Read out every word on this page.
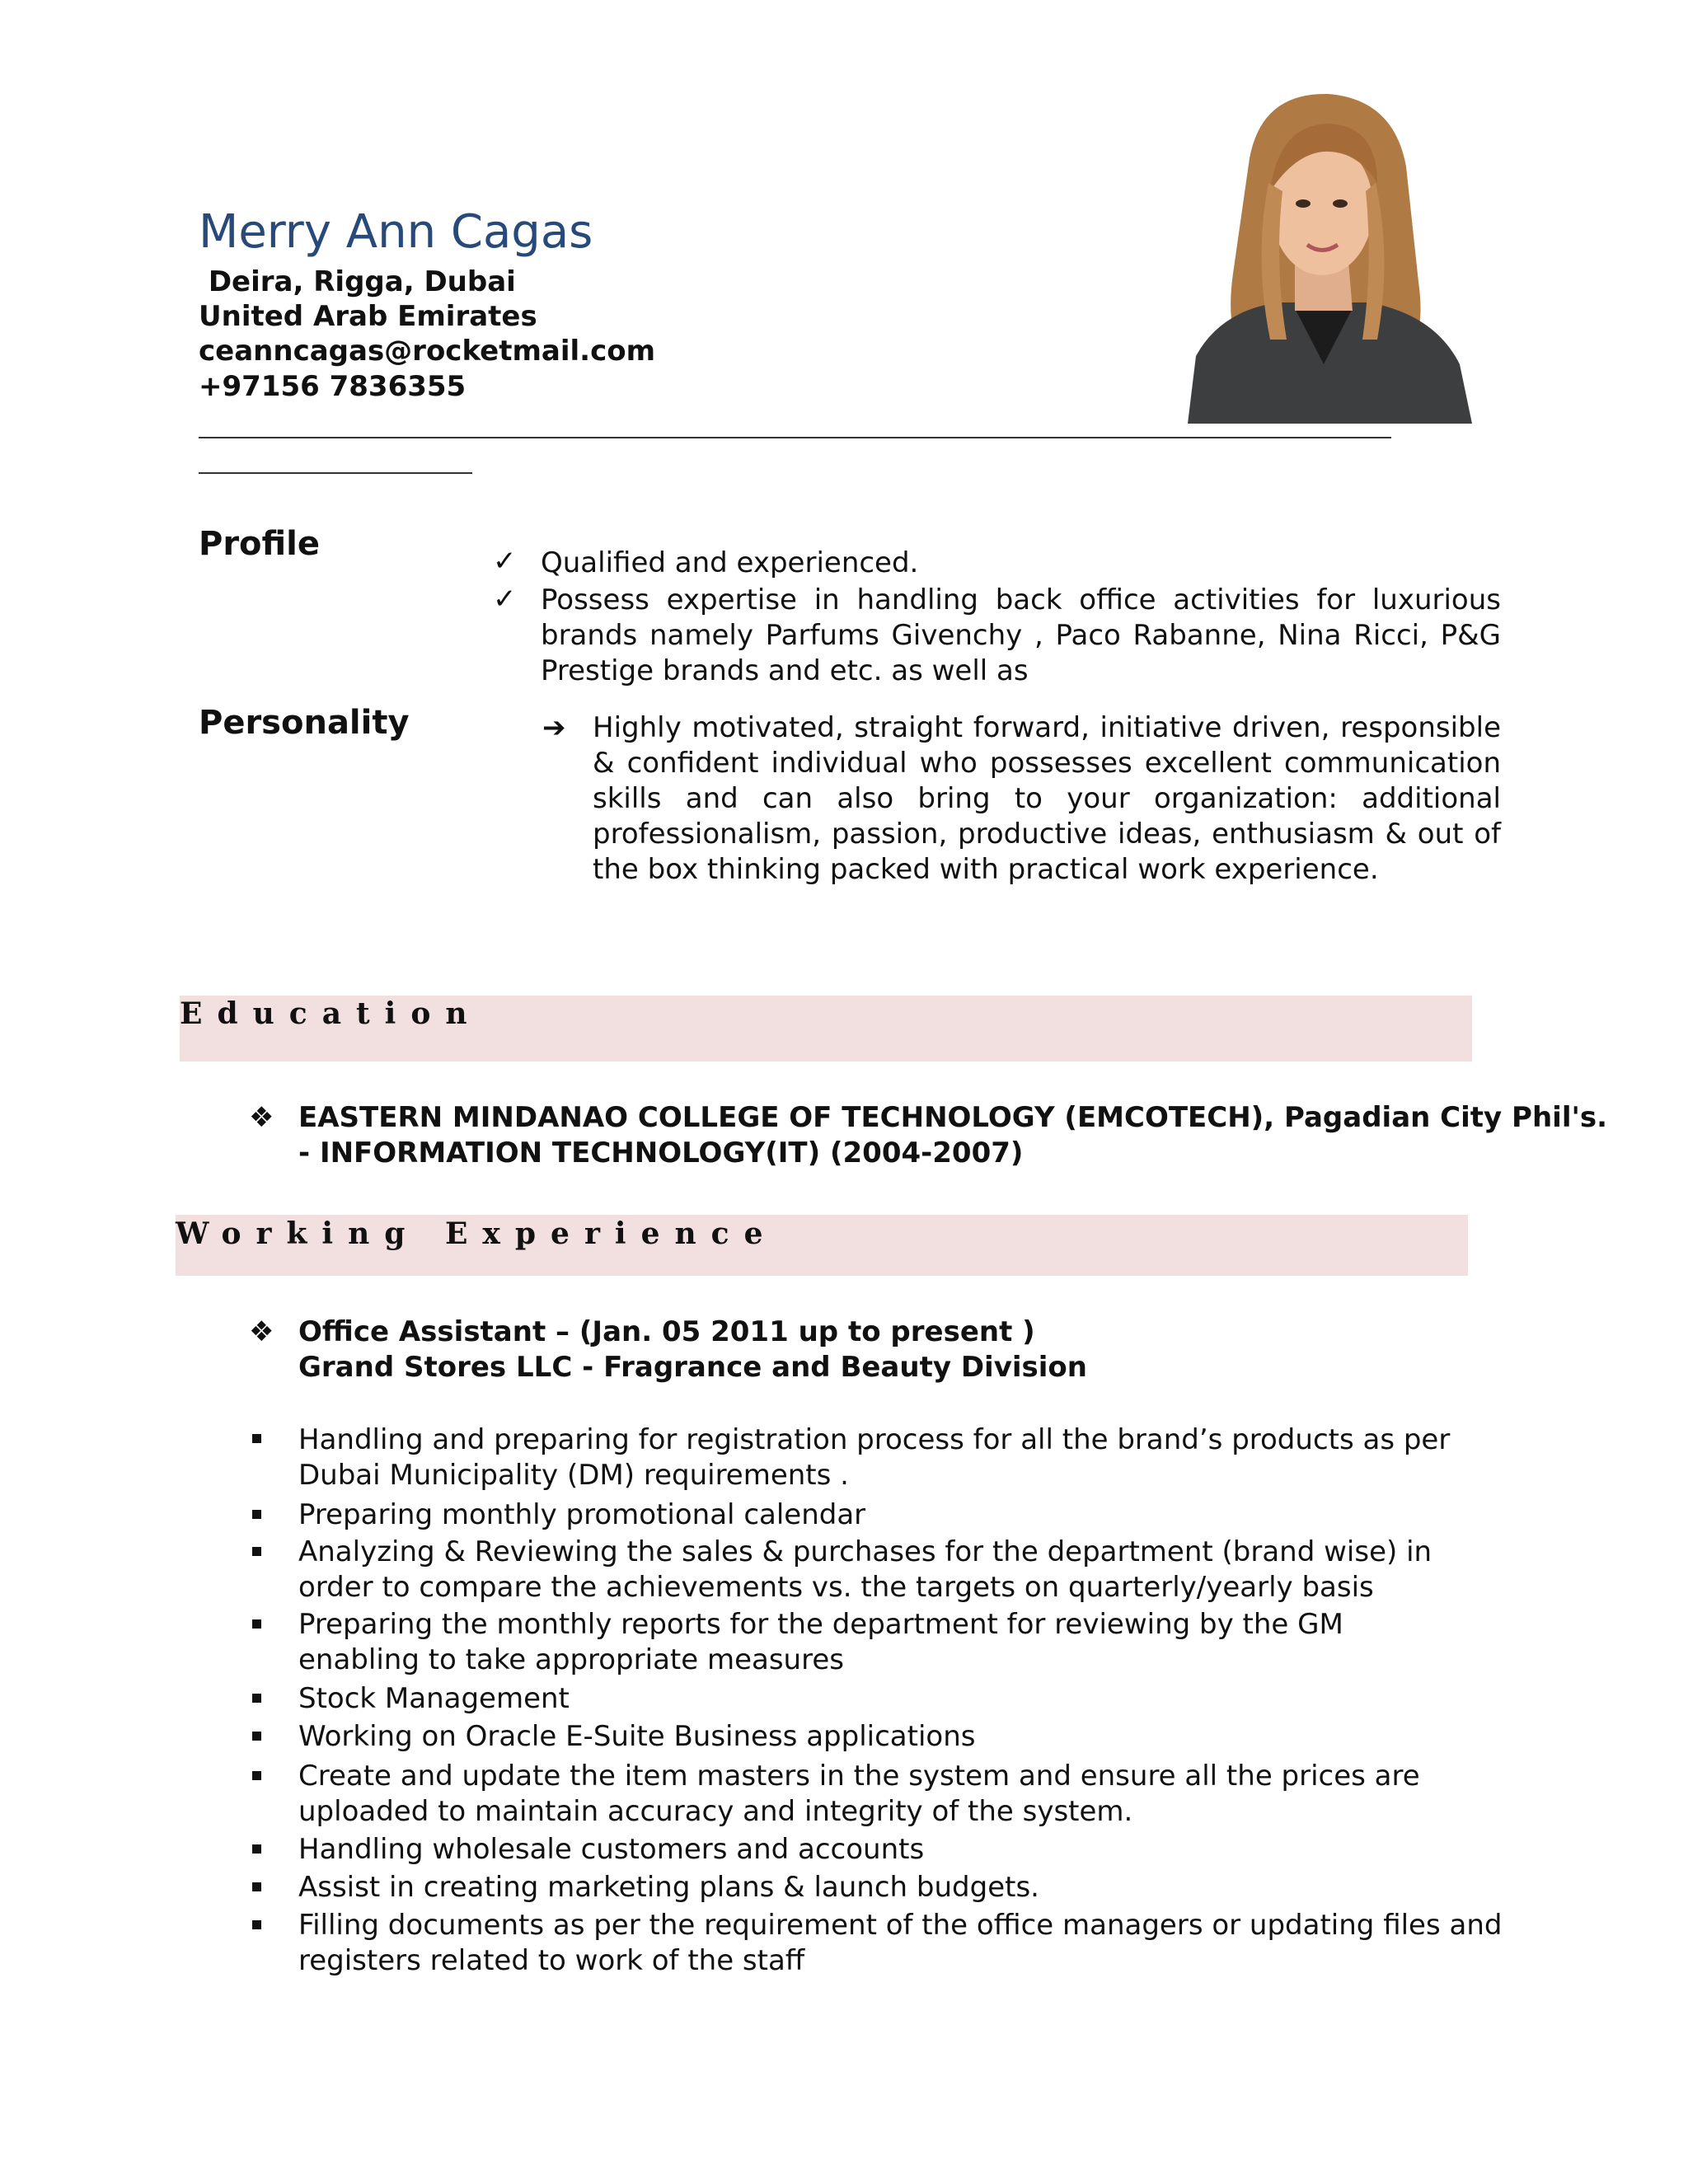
Merry Ann Cagas
Deira, Rigga, Dubai
United Arab Emirates
ceanncagas@rocketmail.com
+97156 7836355
Profile	✓ Qualified and experienced.
✓ Possess expertise in handling back office activities for luxurious brands namely Parfums Givenchy , Paco Rabanne, Nina Ricci, P&G Prestige brands and etc. as well as
Personality	➔ Highly motivated, straight forward, initiative driven, responsible & confident individual who possesses excellent communication skills and can also bring to your organization: additional professionalism, passion, productive ideas, enthusiasm & out of the box thinking packed with practical work experience.
Education
❖ EASTERN MINDANAO COLLEGE OF TECHNOLOGY (EMCOTECH), Pagadian City Phil's.
- INFORMATION TECHNOLOGY(IT) (2004-2007)
Working Experience
❖ Office Assistant – (Jan. 05 2011 up to present )
Grand Stores LLC - Fragrance and Beauty Division
Handling and preparing for registration process for all the brand’s products as per
Dubai Municipality (DM) requirements .
Preparing monthly promotional calendar
Analyzing & Reviewing the sales & purchases for the department (brand wise) in
order to compare the achievements vs. the targets on quarterly/yearly basis
Preparing the monthly reports for the department for reviewing by the GM
enabling to take appropriate measures
Stock Management
Working on Oracle E-Suite Business applications
Create and update the item masters in the system and ensure all the prices are
uploaded to maintain accuracy and integrity of the system.
Handling wholesale customers and accounts
Assist in creating marketing plans & launch budgets.
Filling documents as per the requirement of the office managers or updating files and
registers related to work of the staff
